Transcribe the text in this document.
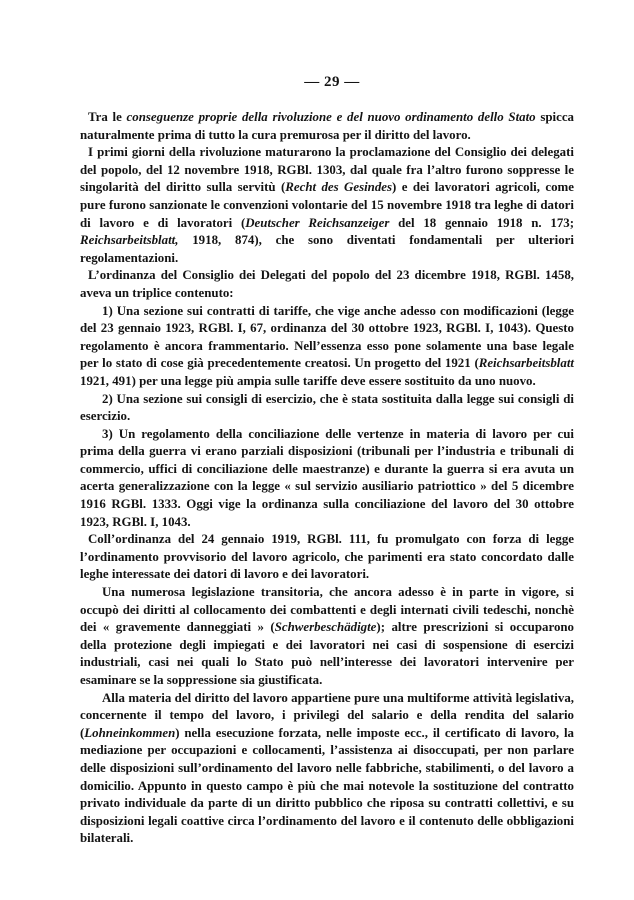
— 29 —

Tra le conseguenze proprie della rivoluzione e del nuovo ordinamento dello Stato spicca naturalmente prima di tutto la cura premurosa per il diritto del lavoro.

I primi giorni della rivoluzione maturarono la proclamazione del Consiglio dei delegati del popolo, del 12 novembre 1918, RGBl. 1303, dal quale fra l’altro furono soppresse le singolarità del diritto sulla servitù (Recht des Gesindes) e dei lavoratori agricoli, come pure furono sanzionate le convenzioni volontarie del 15 novembre 1918 tra leghe di datori di lavoro e di lavoratori (Deutscher Reichsanzeiger del 18 gennaio 1918 n. 173; Reichsarbeitsblatt, 1918, 874), che sono diventati fondamentali per ulteriori regolamentazioni.

L’ordinanza del Consiglio dei Delegati del popolo del 23 dicembre 1918, RGBl. 1458, aveva un triplice contenuto:

1) Una sezione sui contratti di tariffe, che vige anche adesso con modificazioni (legge del 23 gennaio 1923, RGBl. I, 67, ordinanza del 30 ottobre 1923, RGBl. I, 1043). Questo regolamento è ancora frammentario. Nell’essenza esso pone solamente una base legale per lo stato di cose già precedentemente creatosi. Un progetto del 1921 (Reichsarbeitsblatt 1921, 491) per una legge più ampia sulle tariffe deve essere sostituito da uno nuovo.

2) Una sezione sui consigli di esercizio, che è stata sostituita dalla legge sui consigli di esercizio.

3) Un regolamento della conciliazione delle vertenze in materia di lavoro per cui prima della guerra vi erano parziali disposizioni (tribunali per l’industria e tribunali di commercio, uffici di conciliazione delle maestranze) e durante la guerra si era avuta un acerta generalizzazione con la legge « sul servizio ausiliario patriottico » del 5 dicembre 1916 RGBl. 1333. Oggi vige la ordinanza sulla conciliazione del lavoro del 30 ottobre 1923, RGBl. I, 1043.

Coll’ordinanza del 24 gennaio 1919, RGBl. 111, fu promulgato con forza di legge l’ordinamento provvisorio del lavoro agricolo, che parimenti era stato concordato dalle leghe interessate dei datori di lavoro e dei lavoratori.

Una numerosa legislazione transitoria, che ancora adesso è in parte in vigore, si occupò dei diritti al collocamento dei combattenti e degli internati civili tedeschi, nonchè dei « gravemente danneggiati » (Schwerbeschädigte); altre prescrizioni si occuparono della protezione degli impiegati e dei lavoratori nei casi di sospensione di esercizi industriali, casi nei quali lo Stato può nell’interesse dei lavoratori intervenire per esaminare se la soppressione sia giustificata.

Alla materia del diritto del lavoro appartiene pure una multiforme attività legislativa, concernente il tempo del lavoro, i privilegi del salario e della rendita del salario (Lohneinkommen) nella esecuzione forzata, nelle imposte ecc., il certificato di lavoro, la mediazione per occupazioni e collocamenti, l’assistenza ai disoccupati, per non parlare delle disposizioni sull’ordinamento del lavoro nelle fabbriche, stabilimenti, o del lavoro a domicilio. Appunto in questo campo è più che mai notevole la sostituzione del contratto privato individuale da parte di un diritto pubblico che riposa su contratti collettivi, e su disposizioni legali coattive circa l’ordinamento del lavoro e il contenuto delle obbligazioni bilaterali.
